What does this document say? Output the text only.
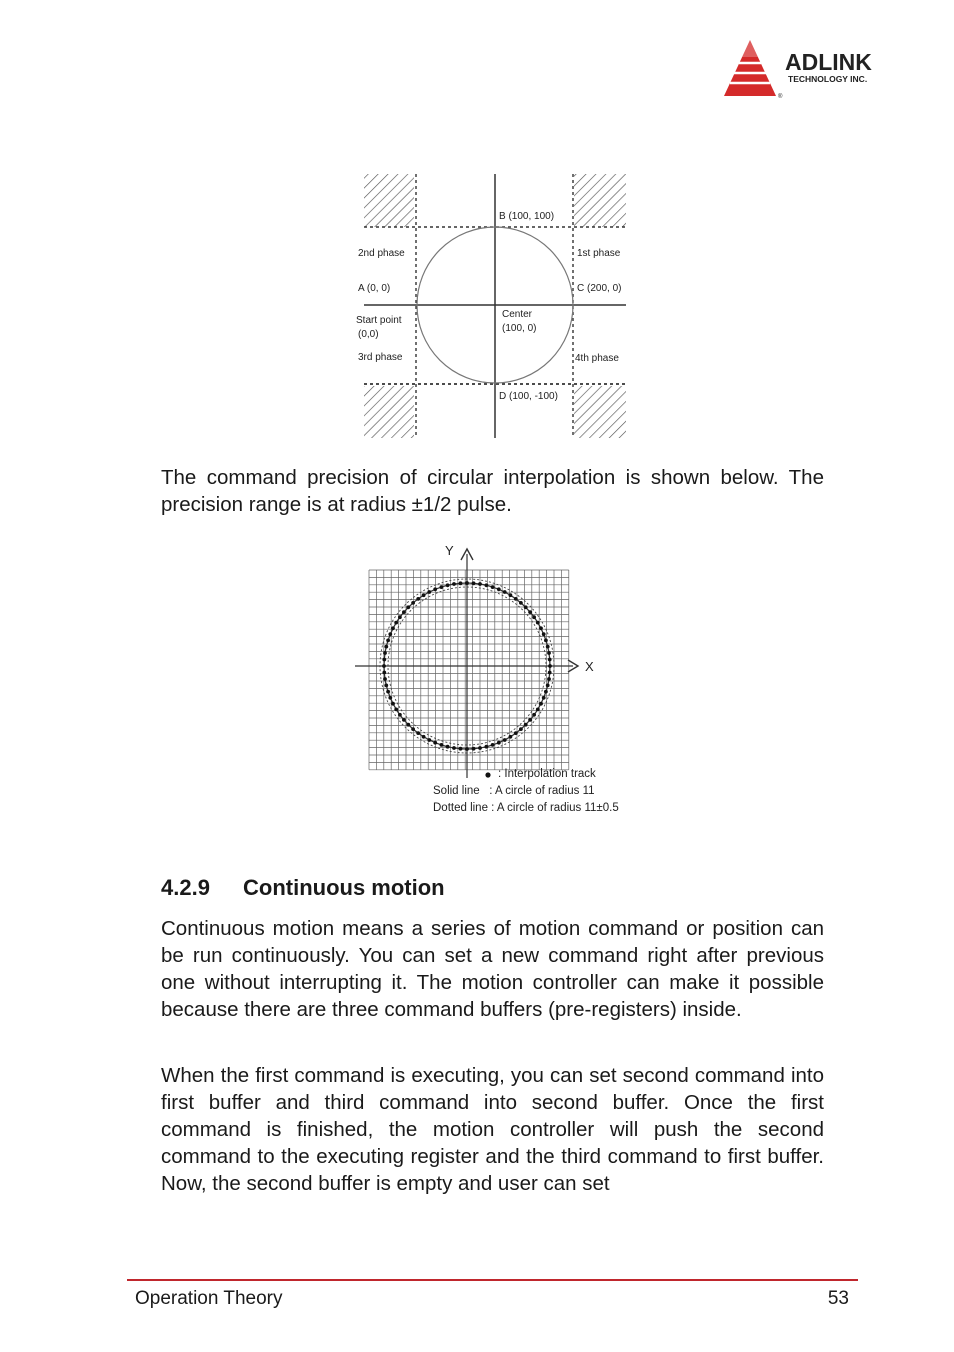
ADLINK
TECHNOLOGY INC.
®
B (100, 100)
2nd phase	1st phase
A (0, 0)	C (200, 0)
Start point
(0,0)
Center
(100, 0)
3rd phase	4th phase
D (100, -100)

The command precision of circular interpolation is shown below. The precision range is at radius ±1/2 pulse.

Y
X
: Interpolation track
Solid line   : A circle of radius 11
Dotted line : A circle of radius 11±0.5
4.2.9 Continuous motion

Continuous motion means a series of motion command or position can be run continuously. You can set a new command right after previous one without interrupting it. The motion controller can make it possible because there are three command buffers (pre-registers) inside.

When the first command is executing, you can set second command into first buffer and third command into second buffer. Once the first command is finished, the motion controller will push the second command to the executing register and the third command to first buffer. Now, the second buffer is empty and user can set

Operation Theory	53
